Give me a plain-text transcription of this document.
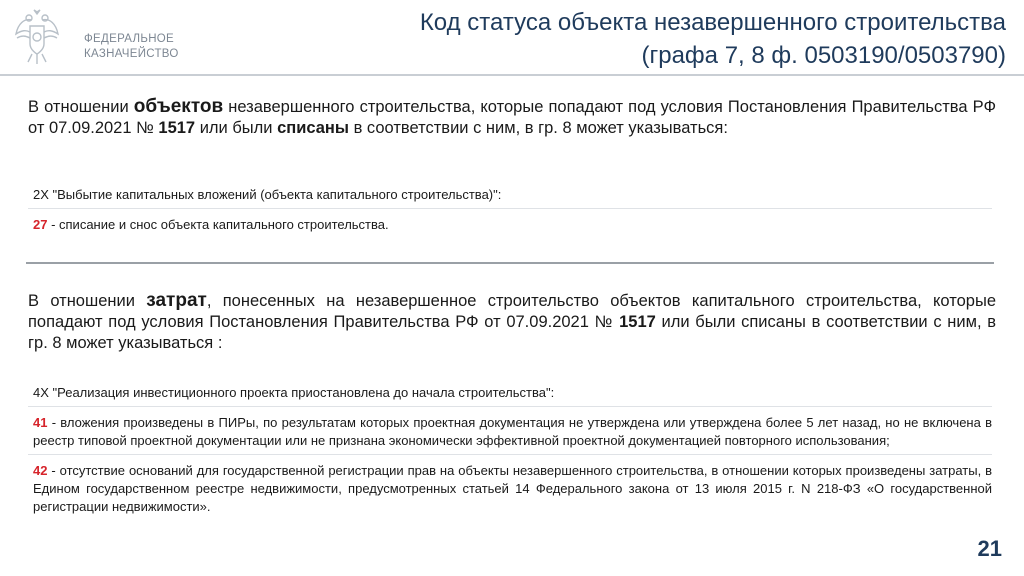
ФЕДЕРАЛЬНОЕ
КАЗНАЧЕЙСТВО
Код статуса объекта незавершенного строительства
(графа 7, 8 ф. 0503190/0503790)
В отношении объектов незавершенного строительства, которые попадают под условия Постановления Правительства РФ от 07.09.2021 № 1517 или были списаны в соответствии с ним, в гр. 8 может указываться:
2Х "Выбытие капитальных вложений (объекта капитального строительства)":
27 - списание и снос объекта капитального строительства.
В отношении затрат, понесенных на незавершенное строительство объектов капитального строительства, которые попадают под условия Постановления Правительства РФ от 07.09.2021 № 1517 или были списаны в соответствии с ним, в гр. 8 может указываться :
4Х "Реализация инвестиционного проекта приостановлена до начала строительства":
41 - вложения произведены в ПИРы, по результатам которых проектная документация не утверждена или утверждена более 5 лет назад, но не включена в реестр типовой проектной документации или не признана экономически эффективной проектной документацией повторного использования;
42 - отсутствие оснований для государственной регистрации прав на объекты незавершенного строительства, в отношении которых произведены затраты, в Едином государственном реестре недвижимости, предусмотренных статьей 14 Федерального закона от 13 июля 2015 г. N 218-ФЗ «О государственной регистрации недвижимости».
21
